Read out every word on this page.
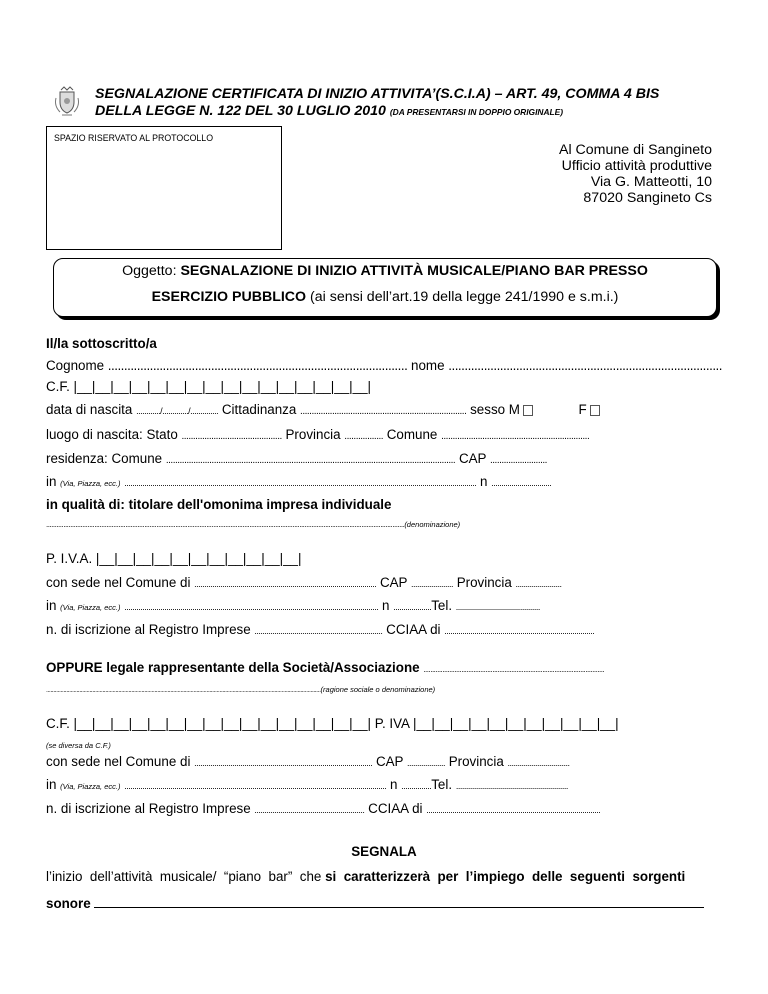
SEGNALAZIONE CERTIFICATA DI INIZIO ATTIVITA’(S.C.I.A) – ART. 49, COMMA 4 BIS
DELLA LEGGE N. 122 DEL 30 LUGLIO 2010 (DA PRESENTARSI IN DOPPIO ORIGINALE)
SPAZIO RISERVATO AL PROTOCOLLO
Al Comune di Sangineto
Ufficio attività produttive
Via G. Matteotti, 10
87020 Sangineto Cs
Oggetto: SEGNALAZIONE DI INIZIO ATTIVITÀ MUSICALE/PIANO BAR PRESSO
ESERCIZIO PUBBLICO (ai sensi dell’art.19 della legge 241/1990 e s.m.i.)
Il/la sottoscritto/a
Cognome ............................................................................................. nome .....................................................................................
C.F. |__|__|__|__|__|__|__|__|__|__|__|__|__|__|__|__|
data di nascita ............/............./.............. Cittadinanza ......................................................................... sesso M	F
luogo di nascita: Stato ............................................ Provincia ................. Comune .................................................................
residenza: Comune ............................................................................................................................... CAP .........................
in (Via, Piazza, ecc.) ................................................................................................................................................................................ n ..............................
in qualità di: titolare dell'omonima impresa individuale
................................................................................................................................................................................................................(denominazione)
P. I.V.A. |__|__|__|__|__|__|__|__|__|__|__|
con sede nel Comune di ........................................................................................... CAP ..................... Provincia .......................
in (Via, Piazza, ecc.) ............................................................................................................................... n ...................Tel. ..........................................
n. di iscrizione al Registro Imprese ................................................................ CCIAA di ...........................................................................
OPPURE legale rappresentante della Società/Associazione .........................................................................................................
..............................................................................................................................................................................................(ragione sociale o denominazione)
C.F. |__|__|__|__|__|__|__|__|__|__|__|__|__|__|__|__| P. IVA |__|__|__|__|__|__|__|__|__|__|__|
(se diversa da C.F.)
con sede nel Comune di ......................................................................................... CAP ................... Provincia ...............................
in (Via, Piazza, ecc.) ................................................................................................................................... n ...............Tel. ........................................................
n. di iscrizione al Registro Imprese ....................................................... CCIAA di .......................................................................................
SEGNALA
l’inizio  dell’attività  musicale/  “piano  bar”  che si  caratterizzerà  per  l’impiego  delle  seguenti  sorgenti
sonore
